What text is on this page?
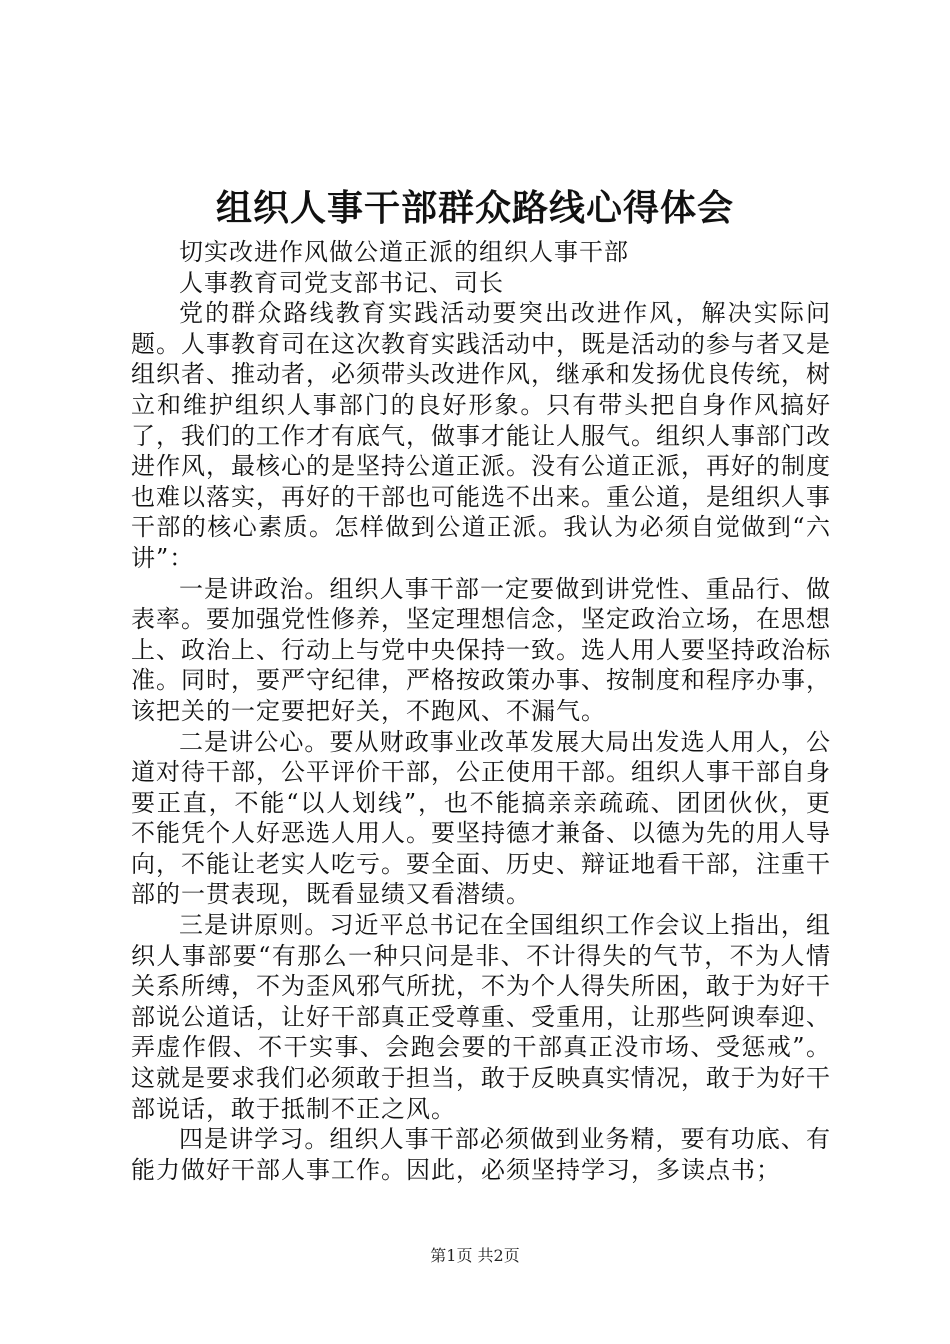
组织人事干部群众路线心得体会

切实改进作风做公道正派的组织人事干部

人事教育司党支部书记、司长

党的群众路线教育实践活动要突出改进作风，解决实际问题。人事教育司在这次教育实践活动中，既是活动的参与者又是组织者、推动者，必须带头改进作风，继承和发扬优良传统，树立和维护组织人事部门的良好形象。只有带头把自身作风搞好了，我们的工作才有底气，做事才能让人服气。组织人事部门改进作风，最核心的是坚持公道正派。没有公道正派，再好的制度也难以落实，再好的干部也可能选不出来。重公道，是组织人事干部的核心素质。怎样做到公道正派。我认为必须自觉做到“六讲”：

一是讲政治。组织人事干部一定要做到讲党性、重品行、做表率。要加强党性修养，坚定理想信念，坚定政治立场，在思想上、政治上、行动上与党中央保持一致。选人用人要坚持政治标准。同时，要严守纪律，严格按政策办事、按制度和程序办事，该把关的一定要把好关，不跑风、不漏气。

二是讲公心。要从财政事业改革发展大局出发选人用人，公道对待干部，公平评价干部，公正使用干部。组织人事干部自身要正直，不能“以人划线”，也不能搞亲亲疏疏、团团伙伙，更不能凭个人好恶选人用人。要坚持德才兼备、以德为先的用人导向，不能让老实人吃亏。要全面、历史、辩证地看干部，注重干部的一贯表现，既看显绩又看潜绩。

三是讲原则。习近平总书记在全国组织工作会议上指出，组织人事部要“有那么一种只问是非、不计得失的气节，不为人情关系所缚，不为歪风邪气所扰，不为个人得失所困，敢于为好干部说公道话，让好干部真正受尊重、受重用，让那些阿谀奉迎、弄虚作假、不干实事、会跑会要的干部真正没市场、受惩戒”。这就是要求我们必须敢于担当，敢于反映真实情况，敢于为好干部说话，敢于抵制不正之风。

四是讲学习。组织人事干部必须做到业务精，要有功底、有能力做好干部人事工作。因此，必须坚持学习，多读点书；

第1页 共2页
